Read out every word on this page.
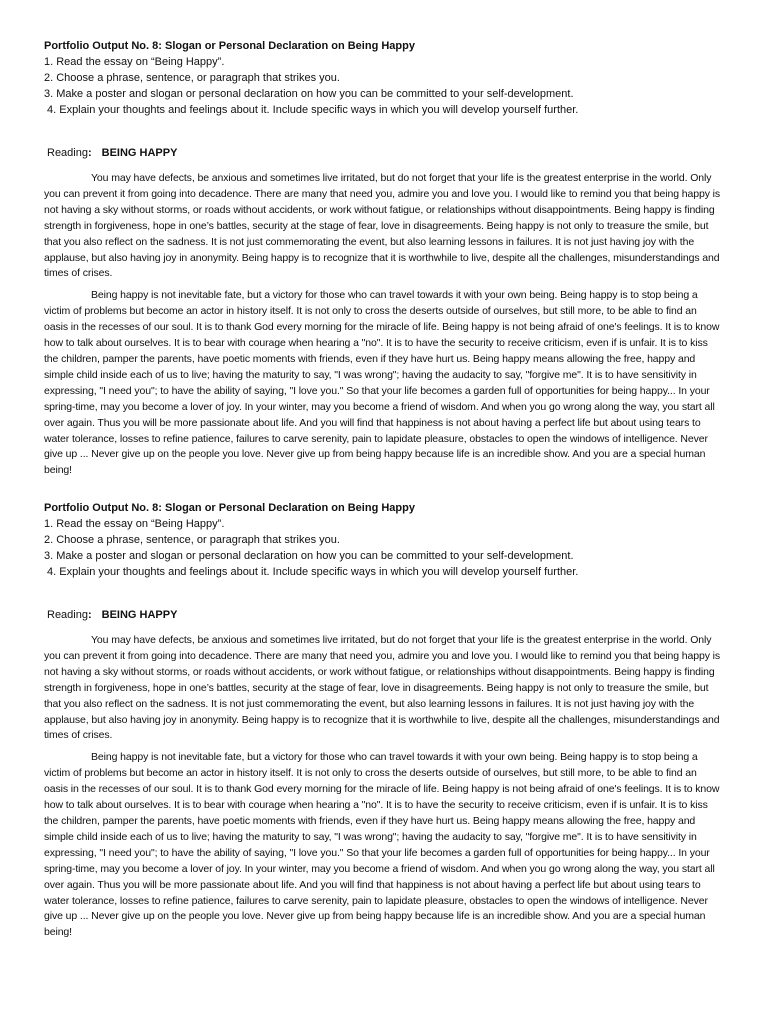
Portfolio Output No. 8: Slogan or Personal Declaration on Being Happy
1. Read the essay on “Being Happy”.
2. Choose a phrase, sentence, or paragraph that strikes you.
3. Make a poster and slogan or personal declaration on how you can be committed to your self-development.
4. Explain your thoughts and feelings about it. Include specific ways in which you will develop yourself further.
Reading: BEING HAPPY

You may have defects, be anxious and sometimes live irritated, but do not forget that your life is the greatest enterprise in the world. Only you can prevent it from going into decadence. There are many that need you, admire you and love you. I would like to remind you that being happy is not having a sky without storms, or roads without accidents, or work without fatigue, or relationships without disappointments. Being happy is finding strength in forgiveness, hope in one’s battles, security at the stage of fear, love in disagreements. Being happy is not only to treasure the smile, but that you also reflect on the sadness. It is not just commemorating the event, but also learning lessons in failures. It is not just having joy with the applause, but also having joy in anonymity. Being happy is to recognize that it is worthwhile to live, despite all the challenges, misunderstandings and times of crises.

Being happy is not inevitable fate, but a victory for those who can travel towards it with your own being. Being happy is to stop being a victim of problems but become an actor in history itself. It is not only to cross the deserts outside of ourselves, but still more, to be able to find an oasis in the recesses of our soul. It is to thank God every morning for the miracle of life. Being happy is not being afraid of one's feelings. It is to know how to talk about ourselves. It is to bear with courage when hearing a "no". It is to have the security to receive criticism, even if is unfair. It is to kiss the children, pamper the parents, have poetic moments with friends, even if they have hurt us. Being happy means allowing the free, happy and simple child inside each of us to live; having the maturity to say, "I was wrong"; having the audacity to say, "forgive me". It is to have sensitivity in expressing, "I need you"; to have the ability of saying, "I love you." So that your life becomes a garden full of opportunities for being happy... In your spring-time, may you become a lover of joy. In your winter, may you become a friend of wisdom. And when you go wrong along the way, you start all over again. Thus you will be more passionate about life. And you will find that happiness is not about having a perfect life but about using tears to water tolerance, losses to refine patience, failures to carve serenity, pain to lapidate pleasure, obstacles to open the windows of intelligence. Never give up ... Never give up on the people you love. Never give up from being happy because life is an incredible show. And you are a special human being!

Portfolio Output No. 8: Slogan or Personal Declaration on Being Happy
1. Read the essay on “Being Happy”.
2. Choose a phrase, sentence, or paragraph that strikes you.
3. Make a poster and slogan or personal declaration on how you can be committed to your self-development.
4. Explain your thoughts and feelings about it. Include specific ways in which you will develop yourself further.
Reading: BEING HAPPY

You may have defects, be anxious and sometimes live irritated, but do not forget that your life is the greatest enterprise in the world. Only you can prevent it from going into decadence. There are many that need you, admire you and love you. I would like to remind you that being happy is not having a sky without storms, or roads without accidents, or work without fatigue, or relationships without disappointments. Being happy is finding strength in forgiveness, hope in one’s battles, security at the stage of fear, love in disagreements. Being happy is not only to treasure the smile, but that you also reflect on the sadness. It is not just commemorating the event, but also learning lessons in failures. It is not just having joy with the applause, but also having joy in anonymity. Being happy is to recognize that it is worthwhile to live, despite all the challenges, misunderstandings and times of crises.

Being happy is not inevitable fate, but a victory for those who can travel towards it with your own being. Being happy is to stop being a victim of problems but become an actor in history itself. It is not only to cross the deserts outside of ourselves, but still more, to be able to find an oasis in the recesses of our soul. It is to thank God every morning for the miracle of life. Being happy is not being afraid of one's feelings. It is to know how to talk about ourselves. It is to bear with courage when hearing a "no". It is to have the security to receive criticism, even if is unfair. It is to kiss the children, pamper the parents, have poetic moments with friends, even if they have hurt us. Being happy means allowing the free, happy and simple child inside each of us to live; having the maturity to say, "I was wrong"; having the audacity to say, "forgive me". It is to have sensitivity in expressing, "I need you"; to have the ability of saying, "I love you." So that your life becomes a garden full of opportunities for being happy... In your spring-time, may you become a lover of joy. In your winter, may you become a friend of wisdom. And when you go wrong along the way, you start all over again. Thus you will be more passionate about life. And you will find that happiness is not about having a perfect life but about using tears to water tolerance, losses to refine patience, failures to carve serenity, pain to lapidate pleasure, obstacles to open the windows of intelligence. Never give up ... Never give up on the people you love. Never give up from being happy because life is an incredible show. And you are a special human being!
